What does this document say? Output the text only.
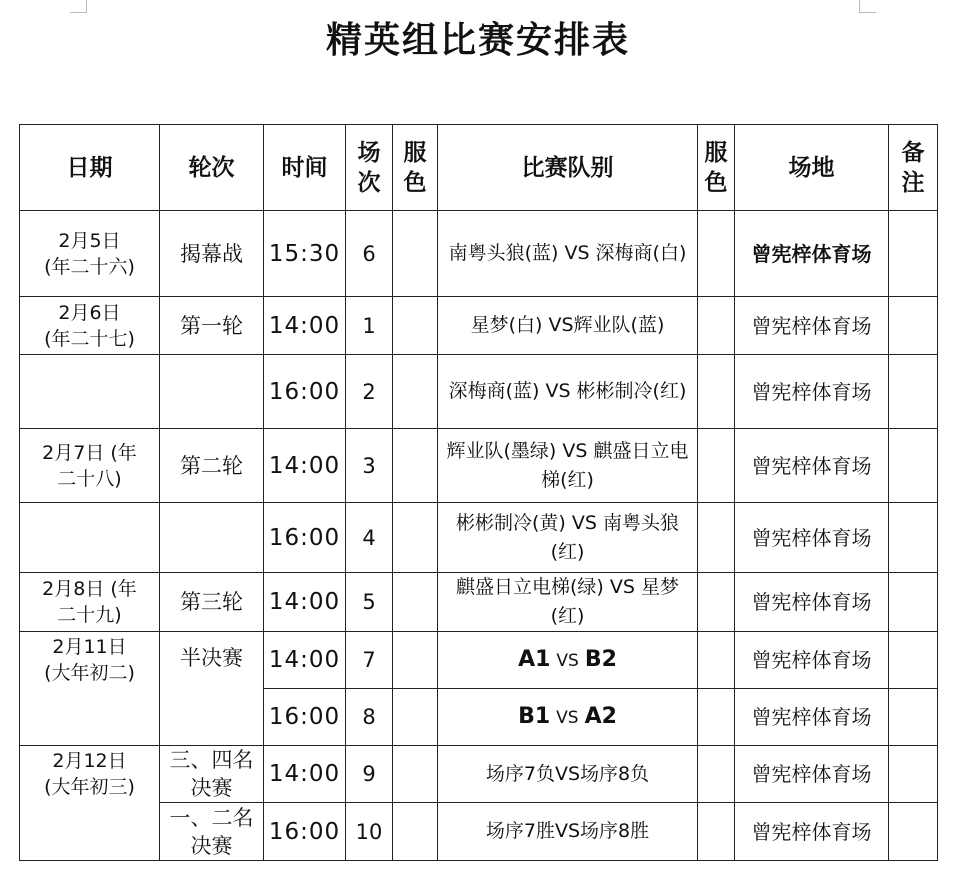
精英组比赛安排表
日期	轮次	时间	场次	服色	比赛队别	服色	场地	备注

2月5日
(年二十六)	揭幕战	15:30	6		南粤头狼(蓝) VS 深梅商(白)		曾宪梓体育场	

2月6日
(年二十七)	第一轮	14:00	1		星梦(白) VS辉业队(蓝)		曾宪梓体育场	
		16:00	2		深梅商(蓝) VS 彬彬制冷(红)		曾宪梓体育场	

2月7日 (年
二十八)	第二轮	14:00	3		辉业队(墨绿) VS 麒盛日立电梯(红)		曾宪梓体育场	
		16:00	4		彬彬制冷(黄) VS 南粤头狼(红)		曾宪梓体育场	

2月8日 (年
二十九)	第三轮	14:00	5		麒盛日立电梯(绿) VS 星梦(红)		曾宪梓体育场	

2月11日
(大年初二)	半决赛	14:00	7		A1 VS B2		曾宪梓体育场	
		16:00	8		B1 VS A2		曾宪梓体育场	

2月12日
(大年初三)	三、四名决赛	14:00	9		场序7负VS场序8负		曾宪梓体育场	
	一、二名决赛	16:00	10		场序7胜VS场序8胜		曾宪梓体育场	
